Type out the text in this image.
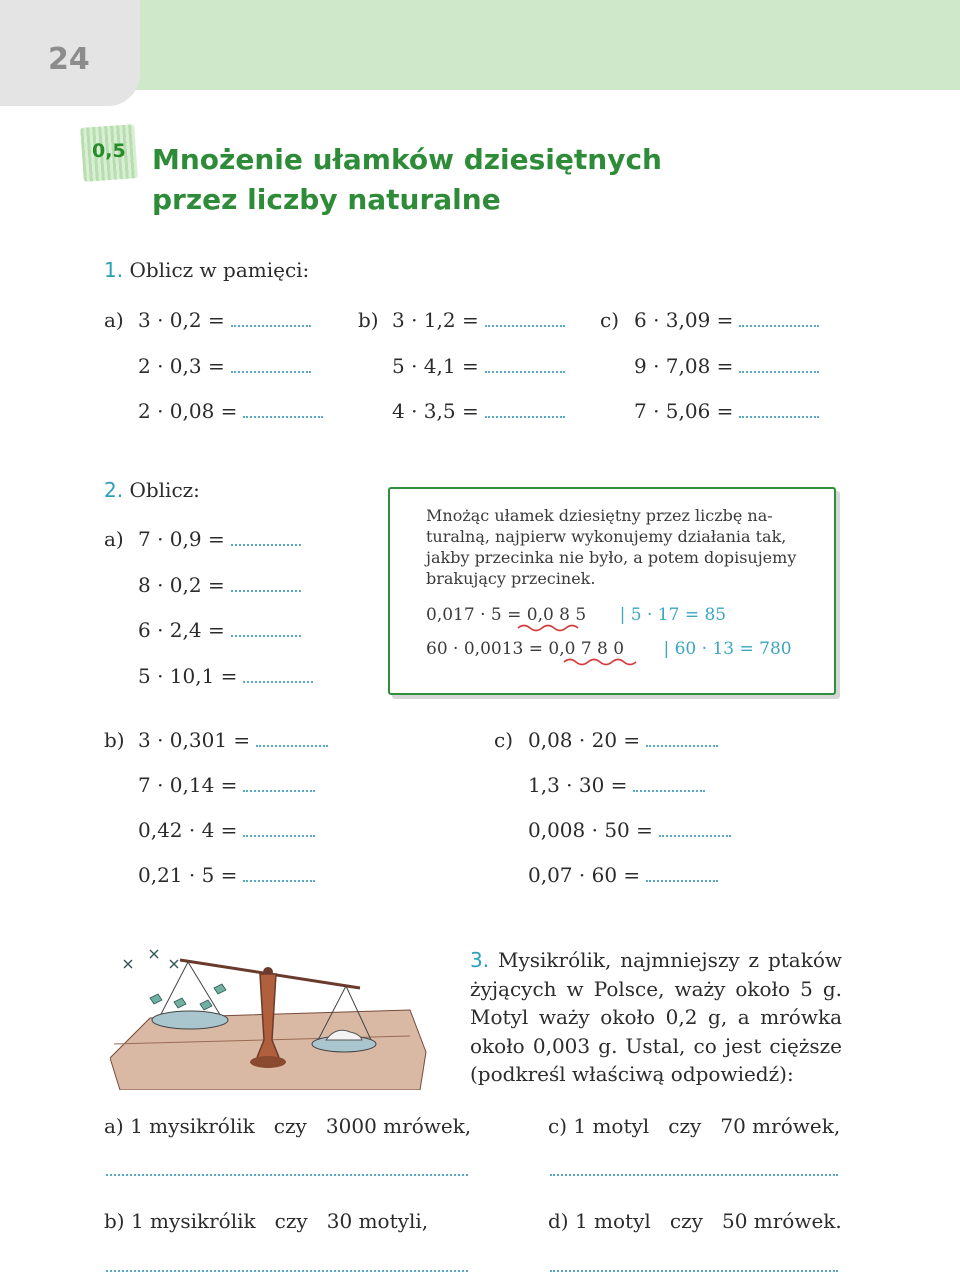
24
0,5 Mnożenie ułamków dziesiętnych
przez liczby naturalne
1. Oblicz w pamięci:
a) 3 · 0,2 =
2 · 0,3 =
2 · 0,08 =
b) 3 · 1,2 =
5 · 4,1 =
4 · 3,5 =
c) 6 · 3,09 =
9 · 7,08 =
7 · 5,06 =
2. Oblicz:
a) 7 · 0,9 =
8 · 0,2 =
6 · 2,4 =
5 · 10,1 =
Mnożąc ułamek dziesiętny przez liczbę na-
turalną, najpierw wykonujemy działania tak,
jakby przecinka nie było, a potem dopisujemy
brakujący przecinek.
0,017 · 5 = 0,0 8 5 | 5 · 17 = 85
60 · 0,0013 = 0,0 7 8 0 | 60 · 13 = 780
b) 3 · 0,301 =
7 · 0,14 =
0,42 · 4 =
0,21 · 5 =
c) 0,08 · 20 =
1,3 · 30 =
0,008 · 50 =
0,07 · 60 =
3. Mysikrólik, najmniejszy z ptaków żyjących w Polsce, waży około 5 g. Motyl waży około 0,2 g, a mrówka około 0,003 g. Ustal, co jest cięższe (podkreśl właściwą odpowiedź):
a) 1 mysikrólik   czy   3000 mrówek,	c) 1 motyl   czy   70 mrówek,
b) 1 mysikrólik   czy   30 motyli,	d) 1 motyl   czy   50 mrówek.
